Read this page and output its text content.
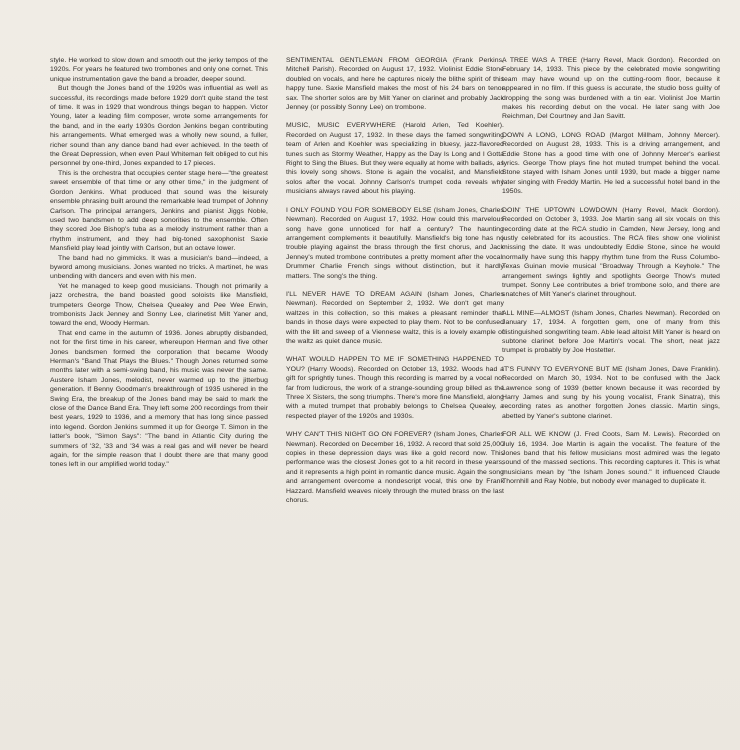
style. He worked to slow down and smooth out the jerky tempos of the 1920s. For years he featured two trombones and only one cornet. This unique instrumentation gave the band a broader, deeper sound.

But though the Jones band of the 1920s was influential as well as successful, its recordings made before 1929 don't quite stand the test of time. It was in 1929 that wondrous things began to happen. Victor Young, later a leading film composer, wrote some arrangements for the band, and in the early 1930s Gordon Jenkins began contributing his arrangements. What emerged was a wholly new sound, a fuller, richer sound than any dance band had ever achieved. In the teeth of the Great Depression, when even Paul Whiteman felt obliged to cut his personnel by one-third, Jones expanded to 17 pieces.

This is the orchestra that occupies center stage here—"the greatest sweet ensemble of that time or any other time," in the judgment of Gordon Jenkins. What produced that sound was the leisurely ensemble phrasing built around the remarkable lead trumpet of Johnny Carlson. The principal arrangers, Jenkins and pianist Jiggs Noble, used two bandsmen to add deep sonorities to the ensemble. Often they scored Joe Bishop's tuba as a melody instrument rather than a rhythm instrument, and they had big-toned saxophonist Saxie Mansfield play lead jointly with Carlson, but an octave lower.

The band had no gimmicks. It was a musician's band—indeed, a byword among musicians. Jones wanted no tricks. A martinet, he was unbending with dancers and even with his men.

Yet he managed to keep good musicians. Though not primarily a jazz orchestra, the band boasted good soloists like Mansfield, trumpeters George Thow, Chelsea Quealey and Pee Wee Erwin, trombonists Jack Jenney and Sonny Lee, clarinetist Milt Yaner and, toward the end, Woody Herman.

That end came in the autumn of 1936. Jones abruptly disbanded, not for the first time in his career, whereupon Herman and five other Jones bandsmen formed the corporation that became Woody Herman's "Band That Plays the Blues." Though Jones returned some months later with a semi-swing band, his music was never the same. Austere Isham Jones, melodist, never warmed up to the jitterbug generation. If Benny Goodman's breakthrough of 1935 ushered in the Swing Era, the breakup of the Jones band may be said to mark the close of the Dance Band Era. They left some 200 recordings from their best years, 1929 to 1936, and a memory that has long since passed into legend. Gordon Jenkins summed it up for George T. Simon in the latter's book, "Simon Says": "The band in Atlantic City during the summers of '32, '33 and '34 was a real gas and will never be heard again, for the simple reason that I doubt there are that many good tones left in our amplified world today."

SENTIMENTAL GENTLEMAN FROM GEORGIA (Frank Perkins, Mitchell Parish). Recorded on August 17, 1932. Violinist Eddie Stone doubled on vocals, and here he captures nicely the blithe spirit of this happy tune. Saxie Mansfield makes the most of his 24 bars on tenor sax. The shorter solos are by Milt Yaner on clarinet and probably Jack Jenney (or possibly Sonny Lee) on trombone.

MUSIC, MUSIC EVERYWHERE (Harold Arlen, Ted Koehler). Recorded on August 17, 1932. In these days the famed songwriting team of Arlen and Koehler was specializing in bluesy, jazz-flavored tunes such as Stormy Weather, Happy as the Day Is Long and I Gotta Right to Sing the Blues. But they were equally at home with ballads, as this lovely song shows. Stone is again the vocalist, and Mansfield solos after the vocal. Johnny Carlson's trumpet coda reveals why musicians always raved about his playing.

I ONLY FOUND YOU FOR SOMEBODY ELSE (Isham Jones, Charles Newman). Recorded on August 17, 1932. How could this marvelous song have gone unnoticed for half a century? The haunting arrangement complements it beautifully. Mansfield's big tone has no trouble playing against the brass through the first chorus, and Jack Jenney's muted trombone contributes a pretty moment after the vocal. Drummer Charlie French sings without distinction, but it hardly matters. The song's the thing.

I'LL NEVER HAVE TO DREAM AGAIN (Isham Jones, Charles Newman). Recorded on September 2, 1932. We don't get many waltzes in this collection, so this makes a pleasant reminder that bands in those days were expected to play them. Not to be confused with the lilt and sweep of a Viennese waltz, this is a lovely example of the waltz as quiet dance music.

WHAT WOULD HAPPEN TO ME IF SOMETHING HAPPENED TO YOU? (Harry Woods). Recorded on October 13, 1932. Woods had a gift for sprightly tunes. Though this recording is marred by a vocal not far from ludicrous, the work of a strange-sounding group billed as the Three X Sisters, the song triumphs. There's more fine Mansfield, along with a muted trumpet that probably belongs to Chelsea Quealey, a respected player of the 1920s and 1930s.

WHY CAN'T THIS NIGHT GO ON FOREVER? (Isham Jones, Charles Newman). Recorded on December 16, 1932. A record that sold 25,000 copies in these depression days was like a gold record now. This performance was the closest Jones got to a hit record in these years, and it represents a high point in romantic dance music. Again the song and arrangement overcome a nondescript vocal, this one by Frank Hazzard. Mansfield weaves nicely through the muted brass on the last chorus.

A TREE WAS A TREE (Harry Revel, Mack Gordon). Recorded on February 14, 1933. This piece by the celebrated movie songwriting team may have wound up on the cutting-room floor, because it appeared in no film. If this guess is accurate, the studio boss guilty of dropping the song was burdened with a tin ear. Violinist Joe Martin makes his recording debut on the vocal. He later sang with Joe Reichman, Del Courtney and Jan Savitt.

DOWN A LONG, LONG ROAD (Margot Millham, Johnny Mercer). Recorded on August 28, 1933. This is a driving arrangement, and Eddie Stone has a good time with one of Johnny Mercer's earliest lyrics. George Thow plays fine hot muted trumpet behind the vocal. Stone stayed with Isham Jones until 1939, but made a bigger name later singing with Freddy Martin. He led a successful hotel band in the 1950s.

DOIN' THE UPTOWN LOWDOWN (Harry Revel, Mack Gordon). Recorded on October 3, 1933. Joe Martin sang all six vocals on this recording date at the RCA studio in Camden, New Jersey, long and justly celebrated for its acoustics. The RCA files show one violinist missing the date. It was undoubtedly Eddie Stone, since he would normally have sung this happy rhythm tune from the Russ Columbo-Texas Guinan movie musical "Broadway Through a Keyhole." The arrangement swings lightly and spotlights George Thow's muted trumpet. Sonny Lee contributes a brief trombone solo, and there are snatches of Milt Yaner's clarinet throughout.

ALL MINE—ALMOST (Isham Jones, Charles Newman). Recorded on January 17, 1934. A forgotten gem, one of many from this distinguished songwriting team. Able lead altoist Milt Yaner is heard on subtone clarinet before Joe Martin's vocal. The short, neat jazz trumpet is probably by Joe Hostetter.

IT'S FUNNY TO EVERYONE BUT ME (Isham Jones, Dave Franklin). Recorded on March 30, 1934. Not to be confused with the Jack Lawrence song of 1939 (better known because it was recorded by Harry James and sung by his young vocalist, Frank Sinatra), this recording rates as another forgotten Jones classic. Martin sings, abetted by Yaner's subtone clarinet.

FOR ALL WE KNOW (J. Fred Coots, Sam M. Lewis). Recorded on July 16, 1934. Joe Martin is again the vocalist. The feature of the Jones band that his fellow musicians most admired was the legato sound of the massed sections. This recording captures it. This is what musicians mean by "the Isham Jones sound." It influenced Claude Thornhill and Ray Noble, but nobody ever managed to duplicate it.
